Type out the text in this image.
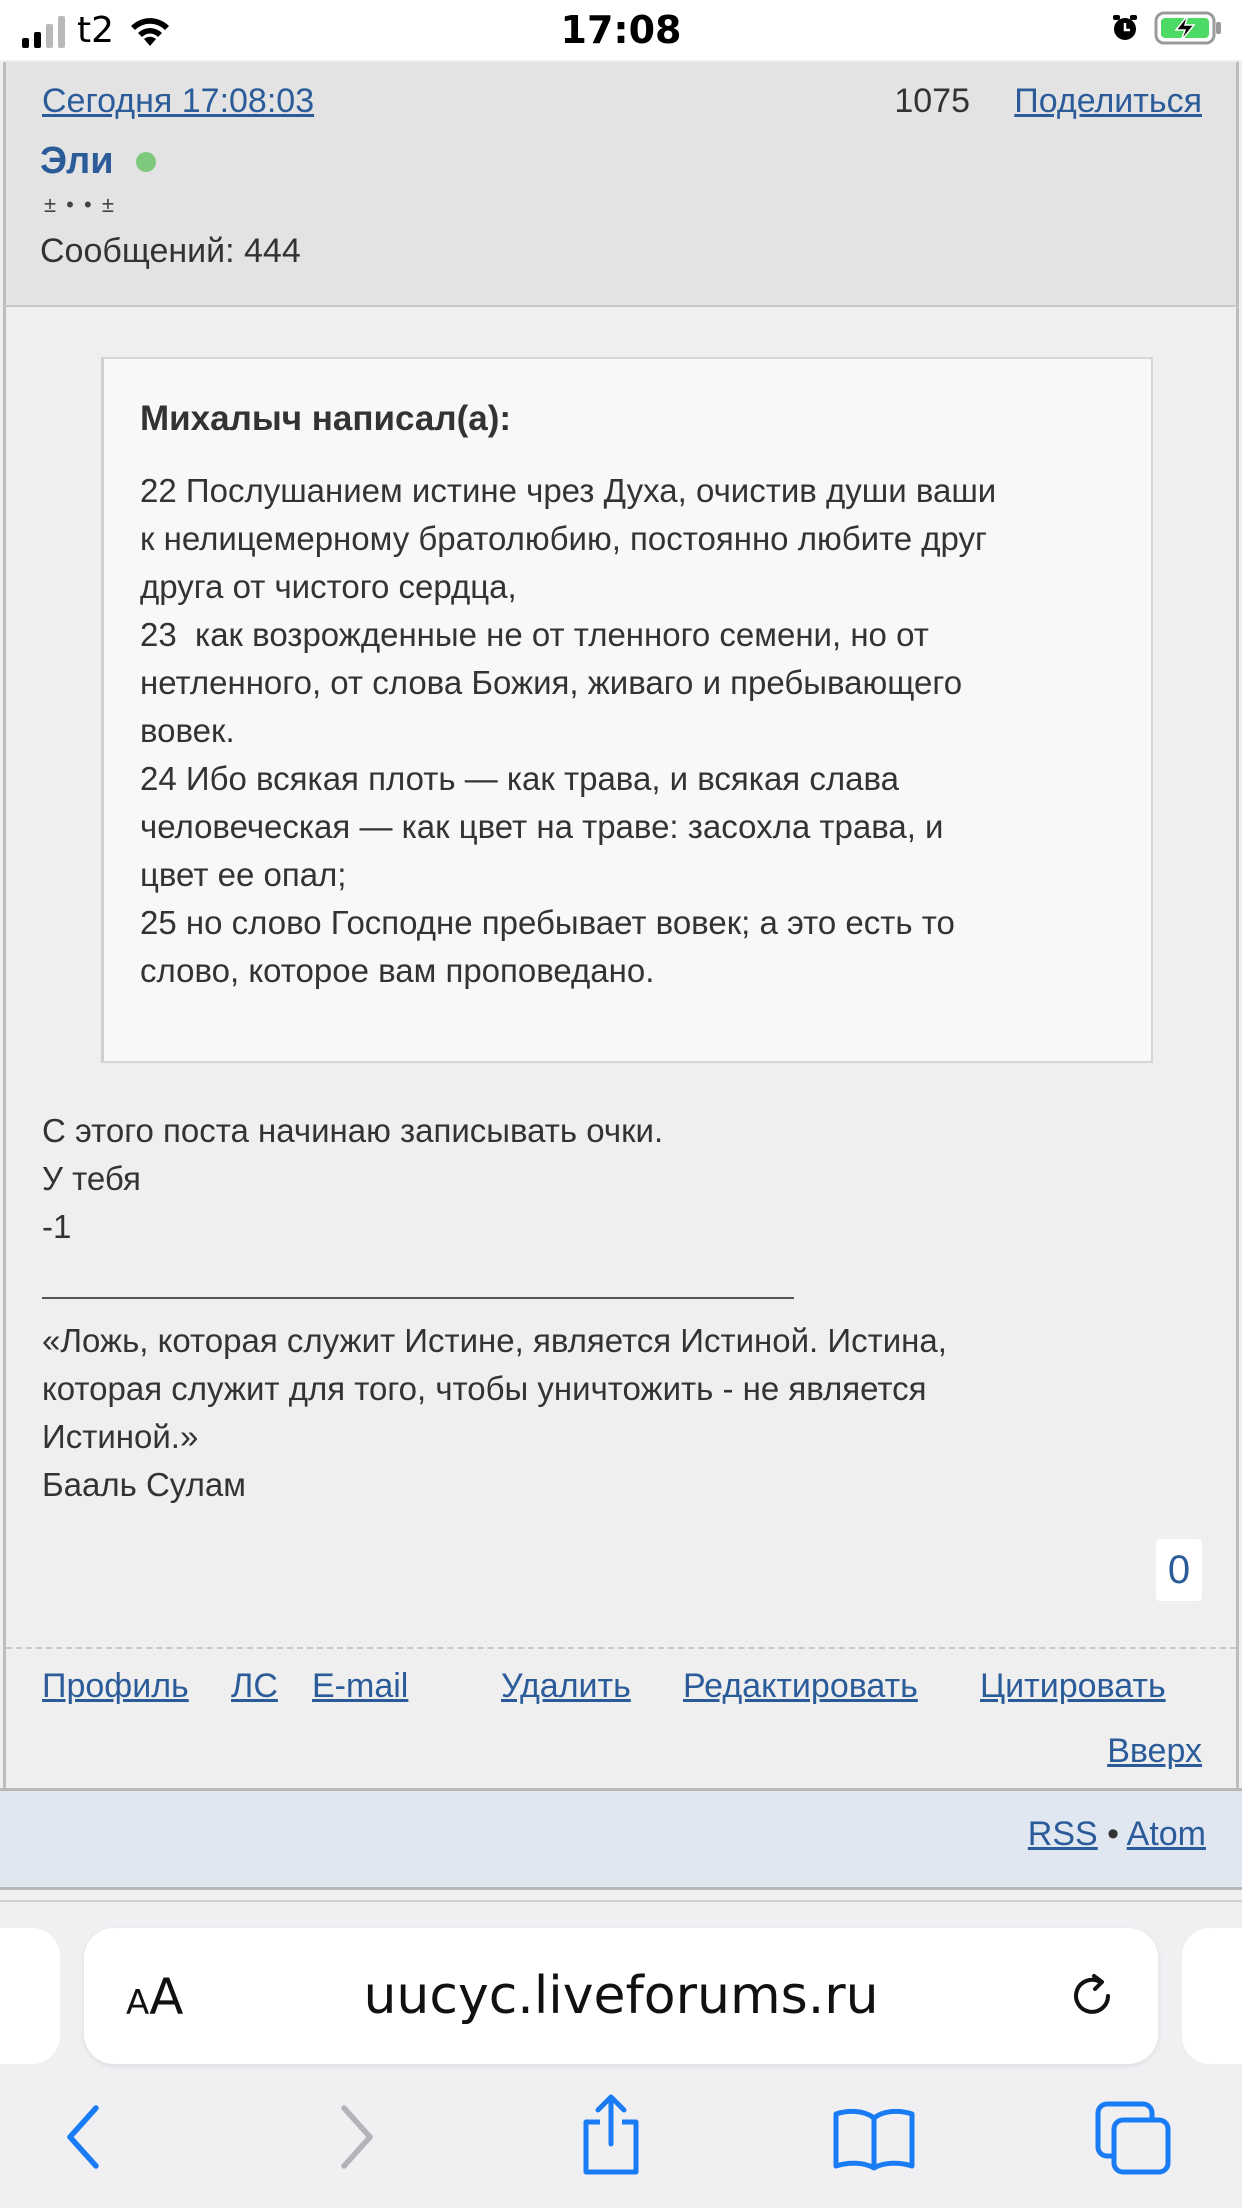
t2	17:08
Сегодня 17:08:03	1075 Поделиться
Эли
± • • ±
Сообщений: 444
Михалыч написал(а):
22 Послушанием истине чрез Духа, очистив души ваши
к нелицемерному братолюбию, постоянно любите друг
друга от чистого сердца,
23  как возрожденные не от тленного семени, но от
нетленного, от слова Божия, живаго и пребывающего
вовек.
24 Ибо всякая плоть — как трава, и всякая слава
человеческая — как цвет на траве: засохла трава, и
цвет ее опал;
25 но слово Господне пребывает вовек; а это есть то
слово, которое вам проповедано.
С этого поста начинаю записывать очки.
У тебя
-1
«Ложь, которая служит Истине, является Истиной. Истина,
которая служит для того, чтобы уничтожить - не является
Истиной.»
Бааль Сулам
0
Профиль ЛС E-mail	Удалить Редактировать Цитировать
Вверх
RSS • Atom
AA	uucyc.liveforums.ru
